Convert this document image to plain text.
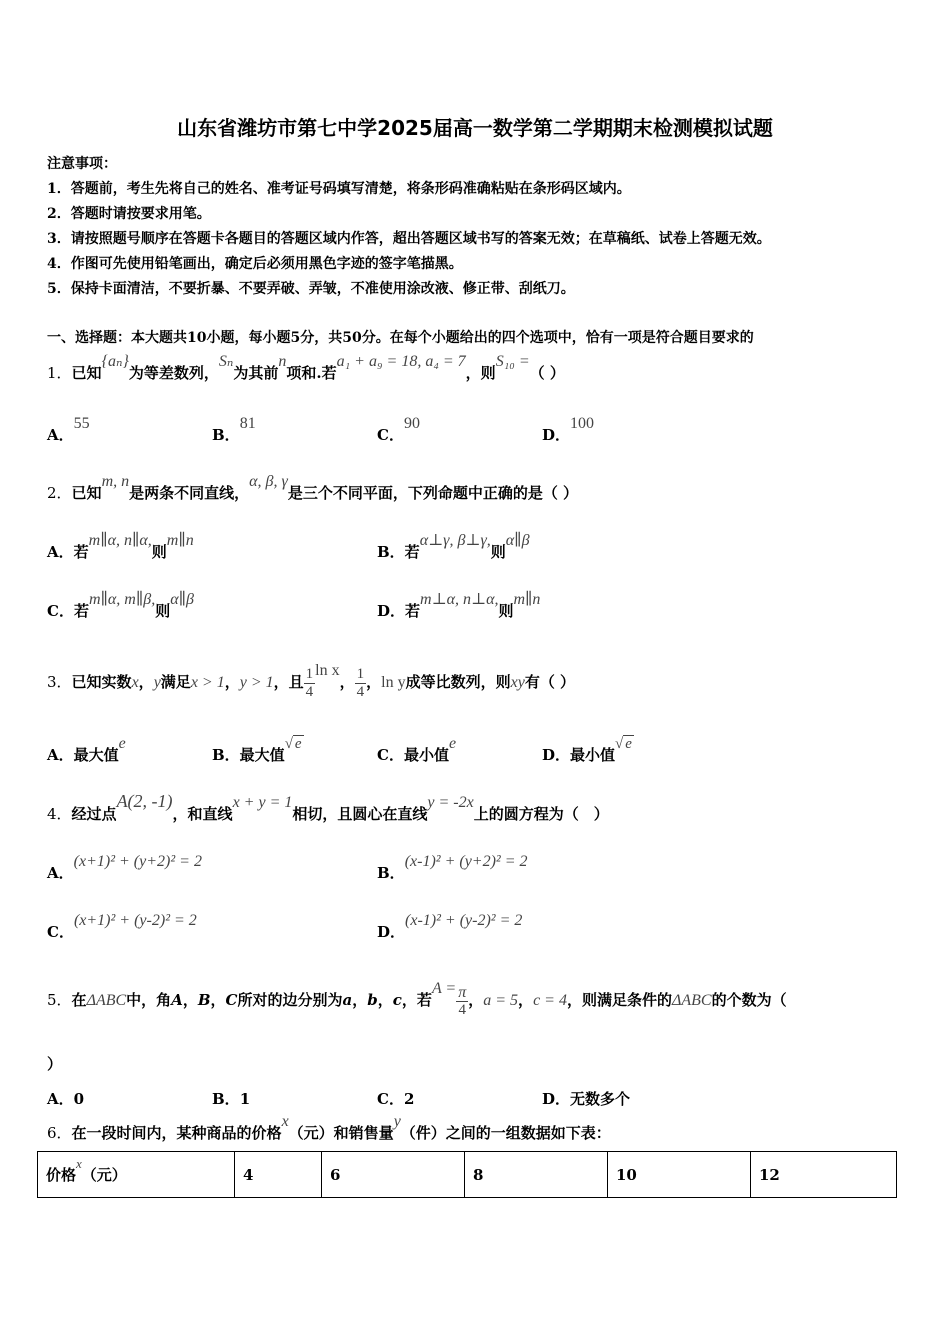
山东省潍坊市第七中学2025届高一数学第二学期期末检测模拟试题
注意事项：
1．答题前，考生先将自己的姓名、准考证号码填写清楚，将条形码准确粘贴在条形码区域内。
2．答题时请按要求用笔。
3．请按照题号顺序在答题卡各题目的答题区域内作答，超出答题区域书写的答案无效；在草稿纸、试卷上答题无效。
4．作图可先使用铅笔画出，确定后必须用黑色字迹的签字笔描黑。
5．保持卡面清洁，不要折暴、不要弄破、弄皱，不准使用涂改液、修正带、刮纸刀。
一、选择题：本大题共10小题，每小题5分，共50分。在每个小题给出的四个选项中，恰有一项是符合题目要求的
1．已知{aₙ}为等差数列，Sₙ为其前n项和.若a₁ + a₉ = 18, a₄ = 7，则S₁₀ =（ ）
A．55
B．81
C．90
D．100
2．已知m, n是两条不同直线，α, β, γ是三个不同平面，下列命题中正确的是（ ）
A．若m∥α, n∥α,则m∥n
B．若α⊥γ, β⊥γ,则α∥β
C．若m∥α, m∥β,则α∥β
D．若m⊥α, n⊥α,则m∥n
3．已知实数x，y满足x > 1，y > 1，且 $\frac{1}{4}$ ln x， $\frac{1}{4}$ ，ln y成等比数列，则xy有（ ）
A．最大值e
B．最大值√ e
C．最小值e
D．最小值√ e
4．经过点A(2, -1)，和直线x + y = 1相切，且圆心在直线y = -2x上的圆方程为（　）
A．(x+1)² + (y+2)² = 2
B．(x-1)² + (y+2)² = 2
C．(x+1)² + (y-2)² = 2
D．(x-1)² + (y-2)² = 2
5．在ΔABC中，角A，B，C所对的边分别为a，b，c，若$A = \frac{\pi}{4}$ ，a = 5，c = 4，则满足条件的ΔABC的个数为（
）
A．0	B．1	C．2	D．无数多个
6．在一段时间内，某种商品的价格x（元）和销售量y（件）之间的一组数据如下表：
价格x（元）	4	6	8	10	12
